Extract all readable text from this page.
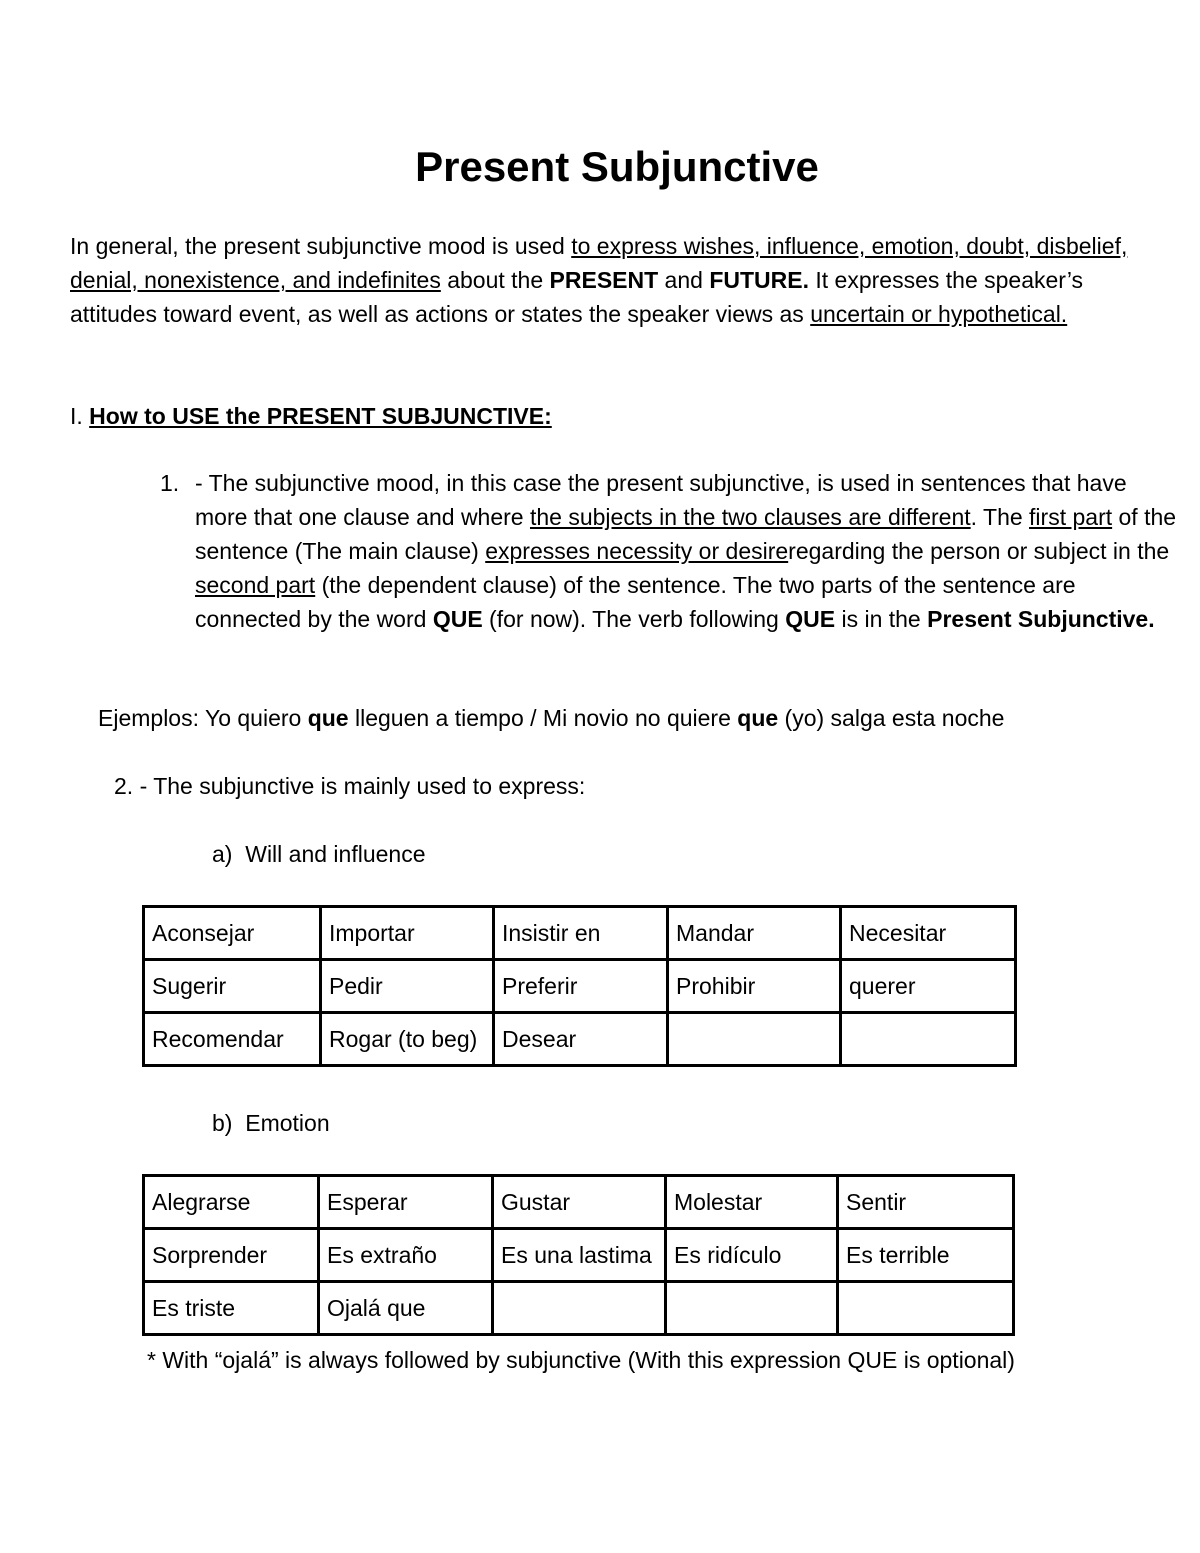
Present Subjunctive
In general, the present subjunctive mood is used to express wishes, influence, emotion, doubt, disbelief, denial, nonexistence, and indefinites about the PRESENT and FUTURE. It expresses the speaker’s attitudes toward event, as well as actions or states the speaker views as uncertain or hypothetical.
I. How to USE the PRESENT SUBJUNCTIVE:
1. - The subjunctive mood, in this case the present subjunctive, is used in sentences that have more that one clause and where the subjects in the two clauses are different. The first part of the sentence (The main clause) expresses necessity or desireregarding the person or subject in the second part (the dependent clause) of the sentence. The two parts of the sentence are connected by the word QUE (for now). The verb following QUE is in the Present Subjunctive.
Ejemplos: Yo quiero que lleguen a tiempo / Mi novio no quiere que (yo) salga esta noche
2. - The subjunctive is mainly used to express:
a) Will and influence
Aconsejar	Importar	Insistir en	Mandar	Necesitar
Sugerir	Pedir	Preferir	Prohibir	querer
Recomendar	Rogar (to beg)	Desear		
b) Emotion
Alegrarse	Esperar	Gustar	Molestar	Sentir
Sorprender	Es extraño	Es una lastima	Es ridículo	Es terrible
Es triste	Ojalá que			
* With “ojalá” is always followed by subjunctive (With this expression QUE is optional)
